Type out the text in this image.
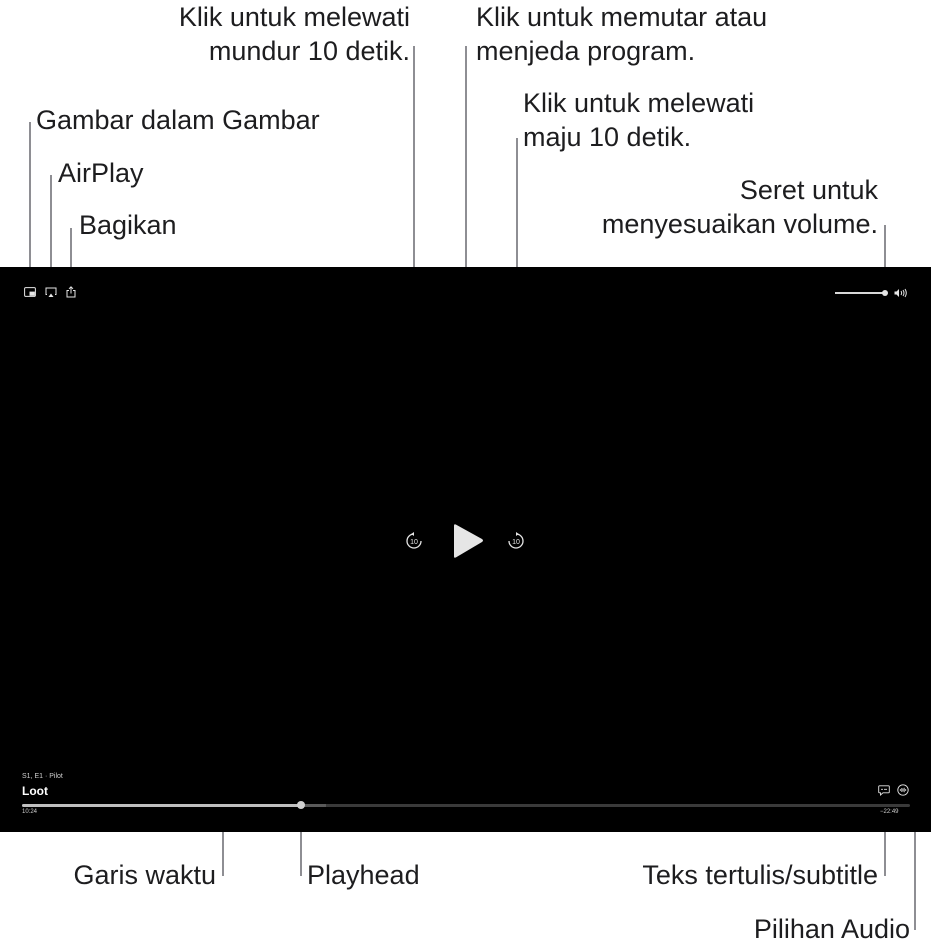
Klik untuk melewati
mundur 10 detik.
Klik untuk memutar atau
menjeda program.
Klik untuk melewati
maju 10 detik.
Gambar dalam Gambar
AirPlay
Bagikan
Seret untuk
menyesuaikan volume.
Garis waktu	Playhead	Teks tertulis/subtitle
Pilihan Audio
10	10
S1, E1 · Pilot
Loot
10:24	−22:49
